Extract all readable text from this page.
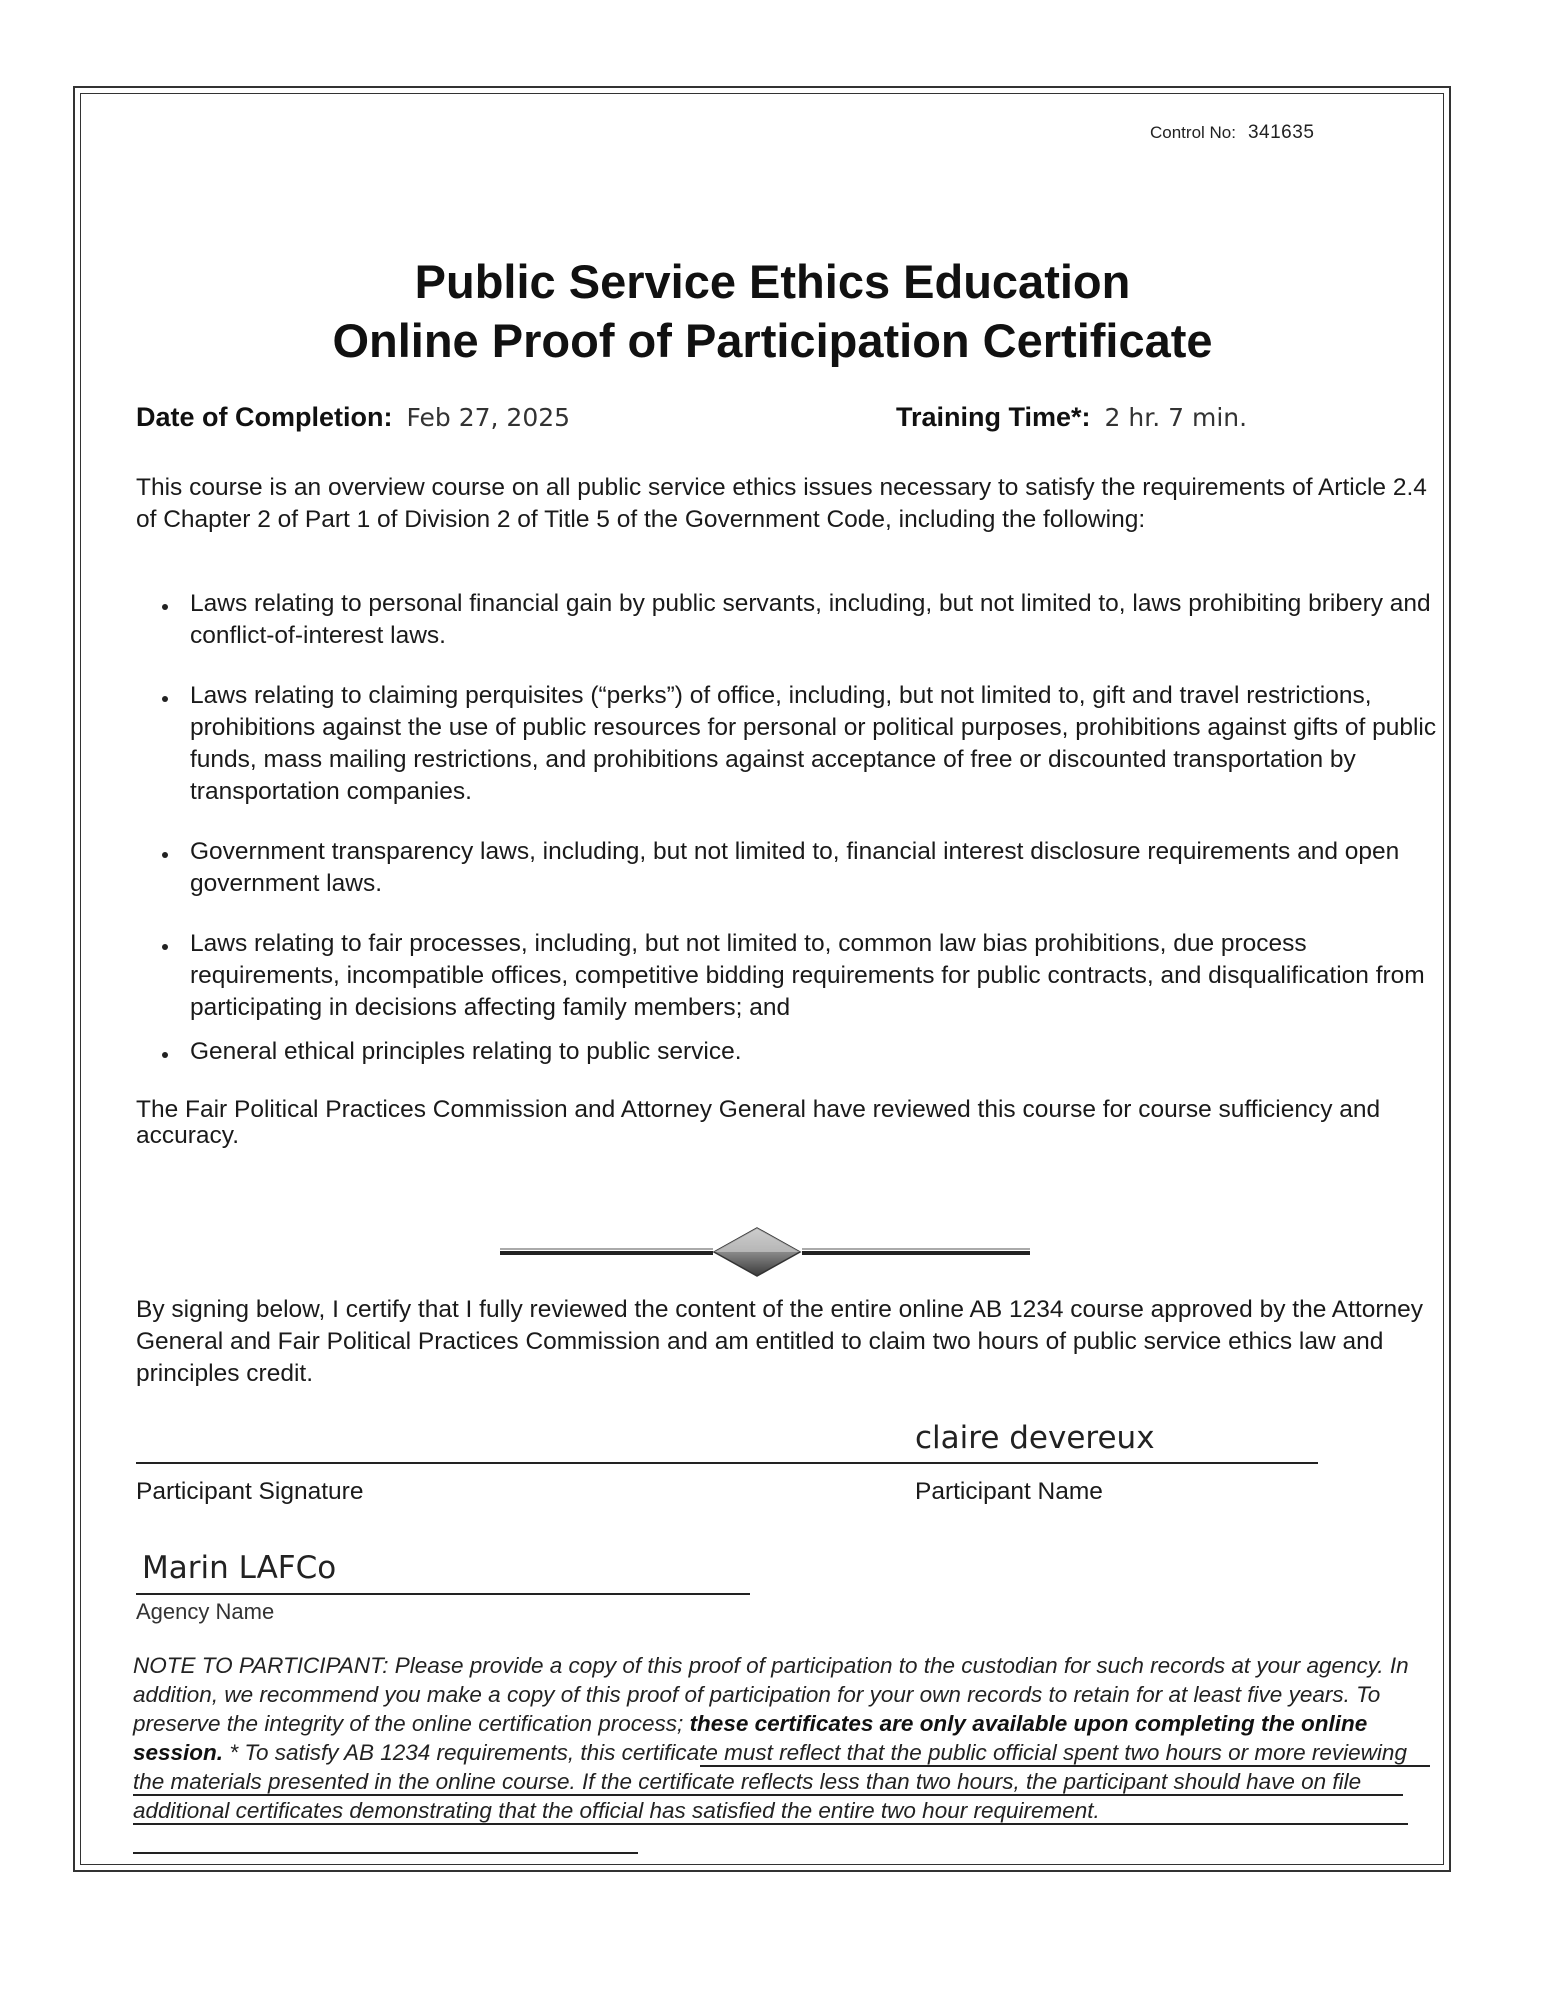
Control No: 341635
Public Service Ethics Education
Online Proof of Participation Certificate
Date of Completion: Feb 27, 2025	Training Time*: 2 hr. 7 min.

This course is an overview course on all public service ethics issues necessary to satisfy the requirements of Article 2.4 of Chapter 2 of Part 1 of Division 2 of Title 5 of the Government Code, including the following:

Laws relating to personal financial gain by public servants, including, but not limited to, laws prohibiting bribery and conflict-of-interest laws.
Laws relating to claiming perquisites (“perks”) of office, including, but not limited to, gift and travel restrictions, prohibitions against the use of public resources for personal or political purposes, prohibitions against gifts of public funds, mass mailing restrictions, and prohibitions against acceptance of free or discounted transportation by transportation companies.
Government transparency laws, including, but not limited to, financial interest disclosure requirements and open government laws.
Laws relating to fair processes, including, but not limited to, common law bias prohibitions, due process requirements, incompatible offices, competitive bidding requirements for public contracts, and disqualification from participating in decisions affecting family members; and
General ethical principles relating to public service.

The Fair Political Practices Commission and Attorney General have reviewed this course for course sufficiency and accuracy.

By signing below, I certify that I fully reviewed the content of the entire online AB 1234 course approved by the Attorney General and Fair Political Practices Commission and am entitled to claim two hours of public service ethics law and principles credit.

claire devereux
Participant Signature	Participant Name
Marin LAFCo
Agency Name

NOTE TO PARTICIPANT: Please provide a copy of this proof of participation to the custodian for such records at your agency. In addition, we recommend you make a copy of this proof of participation for your own records to retain for at least five years. To preserve the integrity of the online certification process; these certificates are only available upon completing the online session. * To satisfy AB 1234 requirements, this certificate must reflect that the public official spent two hours or more reviewing the materials presented in the online course. If the certificate reflects less than two hours, the participant should have on file additional certificates demonstrating that the official has satisfied the entire two hour requirement.
